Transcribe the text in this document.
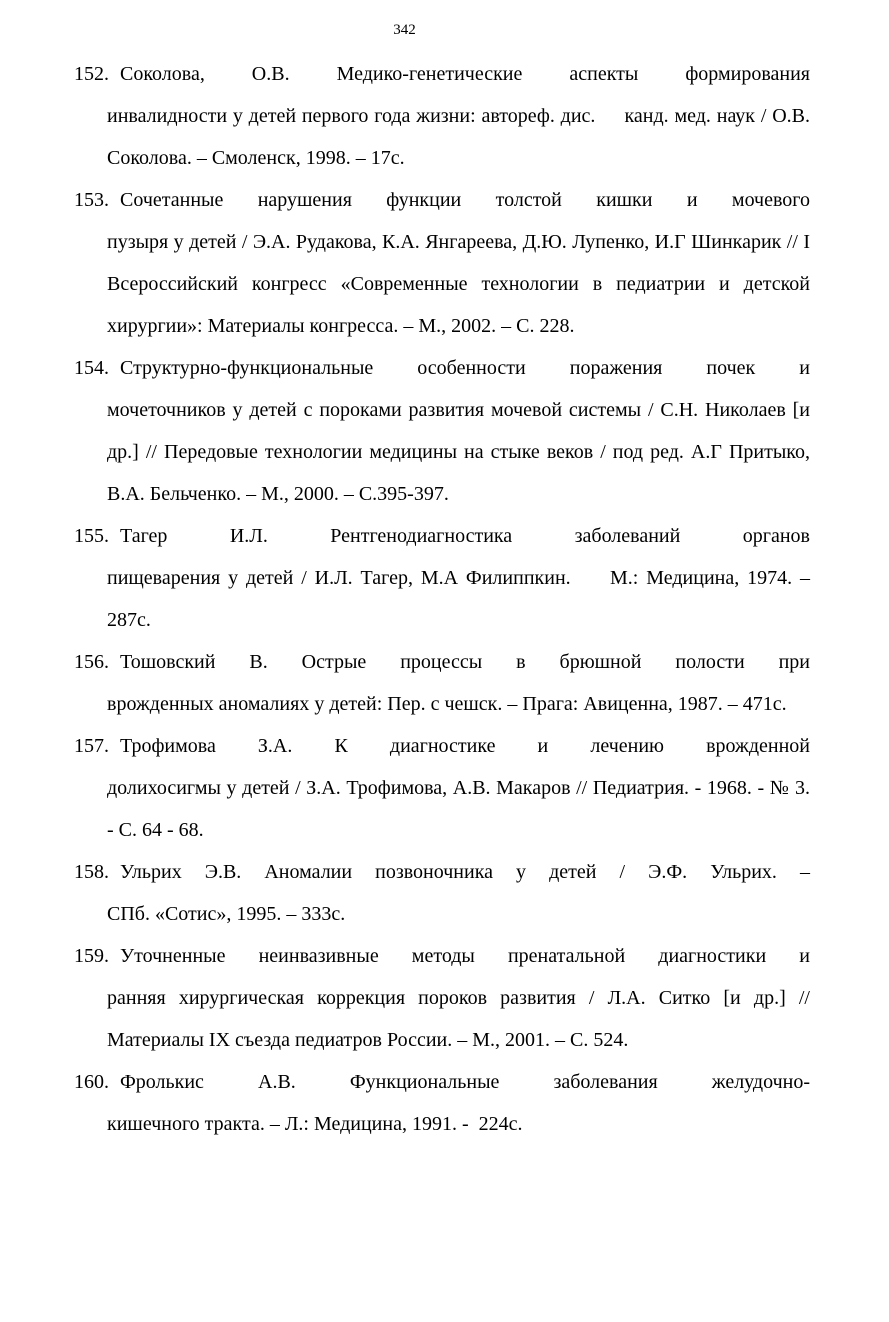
342
152. Соколова, О.В. Медико-генетические аспекты формирования
инвалидности у детей первого года жизни: автореф. дис.     канд. мед. наук / О.В. Соколова. – Смоленск, 1998. – 17с.
153. Сочетанные нарушения функции толстой кишки и мочевого
пузыря у детей / Э.А. Рудакова, К.А. Янгареева, Д.Ю. Лупенко, И.Г Шинкарик // I Всероссийский конгресс «Современные технологии в педиатрии и детской хирургии»: Материалы конгресса. – М., 2002. – С. 228.
154. Структурно-функциональные особенности поражения почек и
мочеточников у детей с пороками развития мочевой системы / С.Н. Николаев [и др.] // Передовые технологии медицины на стыке веков / под ред. А.Г Притыко, В.А. Бельченко. – М., 2000. – С.395-397.
155. Тагер И.Л. Рентгенодиагностика заболеваний органов
пищеварения у детей / И.Л. Тагер, М.А Филиппкин.     М.: Медицина, 1974. – 287с.
156. Тошовский В. Острые процессы в брюшной полости при
врожденных аномалиях у детей: Пер. с чешск. – Прага: Авиценна, 1987. – 471с.
157. Трофимова З.А. К диагностике и лечению врожденной
долихосигмы у детей / З.А. Трофимова, А.В. Макаров // Педиатрия. - 1968. - № 3. - С. 64 - 68.
158. Ульрих Э.В. Аномалии позвоночника у детей / Э.Ф. Ульрих. –
СПб. «Сотис», 1995. – 333с.
159. Уточненные неинвазивные методы пренатальной диагностики и
ранняя хирургическая коррекция пороков развития / Л.А. Ситко [и др.] // Материалы IX съезда педиатров России. – М., 2001. – С. 524.
160. Фролькис А.В. Функциональные заболевания желудочно-
кишечного тракта. – Л.: Медицина, 1991. -  224с.
